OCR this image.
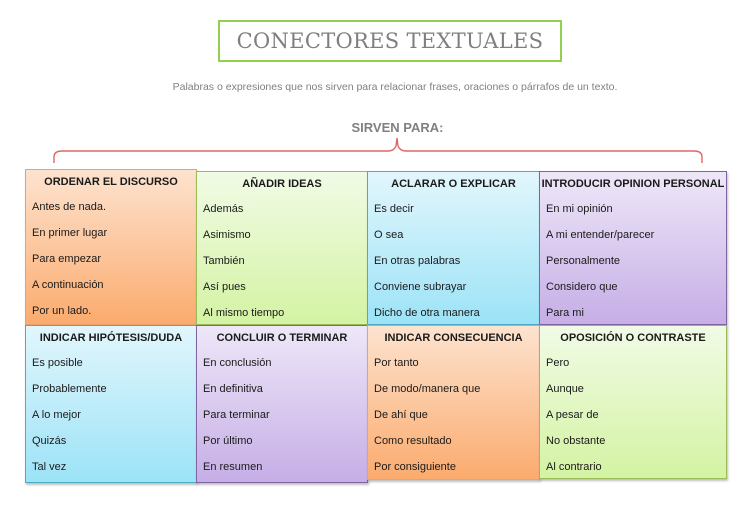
CONECTORES TEXTUALES
Palabras o expresiones que nos sirven para relacionar frases, oraciones o párrafos de un texto.
SIRVEN PARA:
ORDENAR EL DISCURSO
Antes de nada.
En primer lugar
Para empezar
A continuación
Por un lado.
AÑADIR IDEAS
Además
Asimismo
También
Así pues
Al mismo tiempo
ACLARAR O EXPLICAR
Es decir
O sea
En otras palabras
Conviene subrayar
Dicho de otra manera
INTRODUCIR OPINION PERSONAL
En mi opinión
A mi entender/parecer
Personalmente
Considero que
Para mi
INDICAR HIPÓTESIS/DUDA
Es posible
Probablemente
A lo mejor
Quizás
Tal vez
CONCLUIR O TERMINAR
En conclusión
En definitiva
Para terminar
Por último
En resumen
INDICAR CONSECUENCIA
Por tanto
De modo/manera que
De ahí que
Como resultado
Por consiguiente
OPOSICIÓN O CONTRASTE
Pero
Aunque
A pesar de
No obstante
Al contrario
